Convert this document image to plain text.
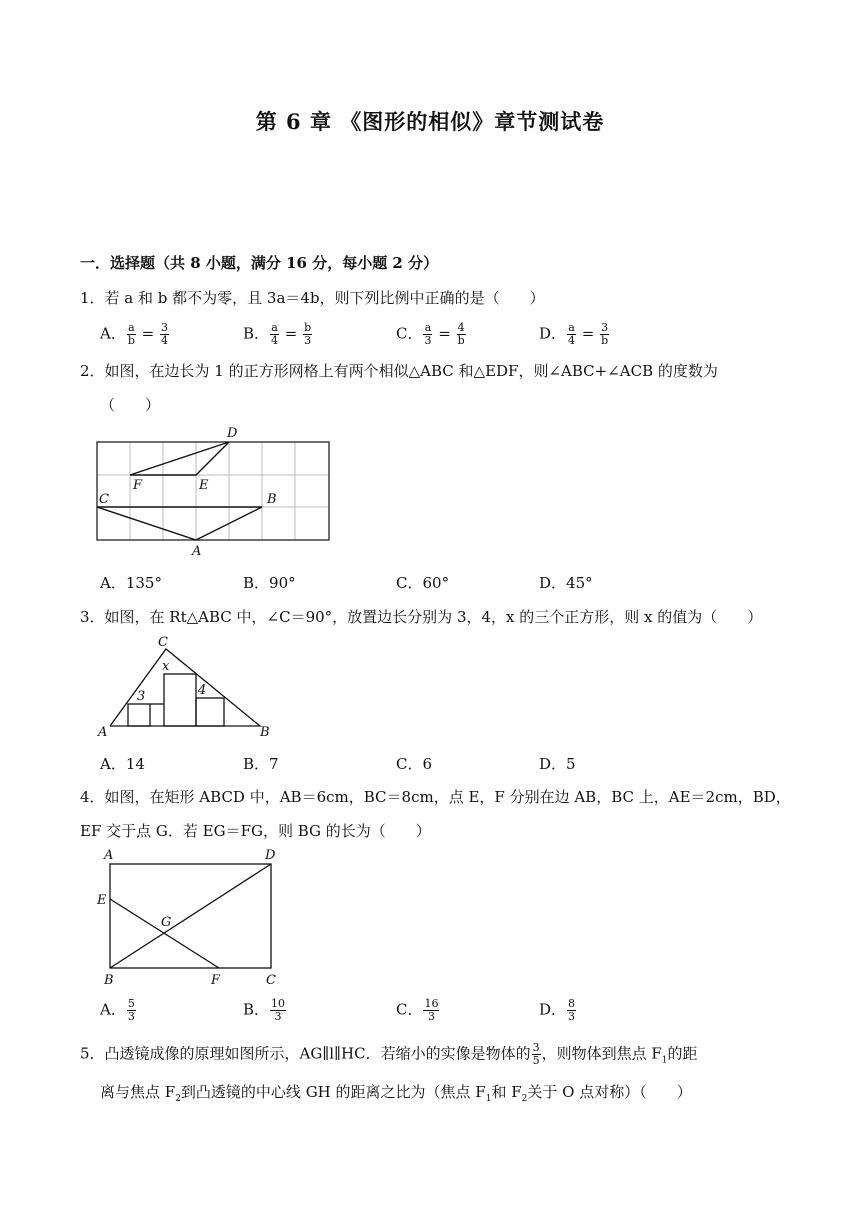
第 6 章 《图形的相似》章节测试卷
一．选择题（共 8 小题，满分 16 分，每小题 2 分）
1．若 a 和 b 都不为零，且 3a＝4b，则下列比例中正确的是（　　）
A． $\frac{a}{b} = \frac{3}{4}$	B． $\frac{a}{4} = \frac{b}{3}$	C． $\frac{a}{3} = \frac{4}{b}$	D． $\frac{a}{4} = \frac{3}{b}$
2．如图，在边长为 1 的正方形网格上有两个相似△ABC 和△EDF，则∠ABC+∠ACB 的度数为
（　　）
D
F	E
C	B
A
A．135°	B．90°	C．60°	D．45°
3．如图，在 Rt△ABC 中，∠C＝90°，放置边长分别为 3，4，x 的三个正方形，则 x 的值为（　　）
C
x
3	4
A	B
A．14	B．7	C．6	D．5
4．如图，在矩形 ABCD 中，AB＝6cm，BC＝8cm，点 E，F 分别在边 AB，BC 上，AE＝2cm，BD，
EF 交于点 G．若 EG＝FG，则 BG 的长为（　　）
A	D
E
G
B	F	C
A． $\frac{5}{3}$	B． $\frac{10}{3}$	C． $\frac{16}{3}$	D． $\frac{8}{3}$
5．凸透镜成像的原理如图所示，AG∥l∥HC．若缩小的实像是物体的 $\frac{3}{5}$ ，则物体到焦点 $F_1$的距
离与焦点 $F_2$到凸透镜的中心线 GH 的距离之比为（焦点 $F_1$和 $F_2$关于 O 点对称）（　　）
